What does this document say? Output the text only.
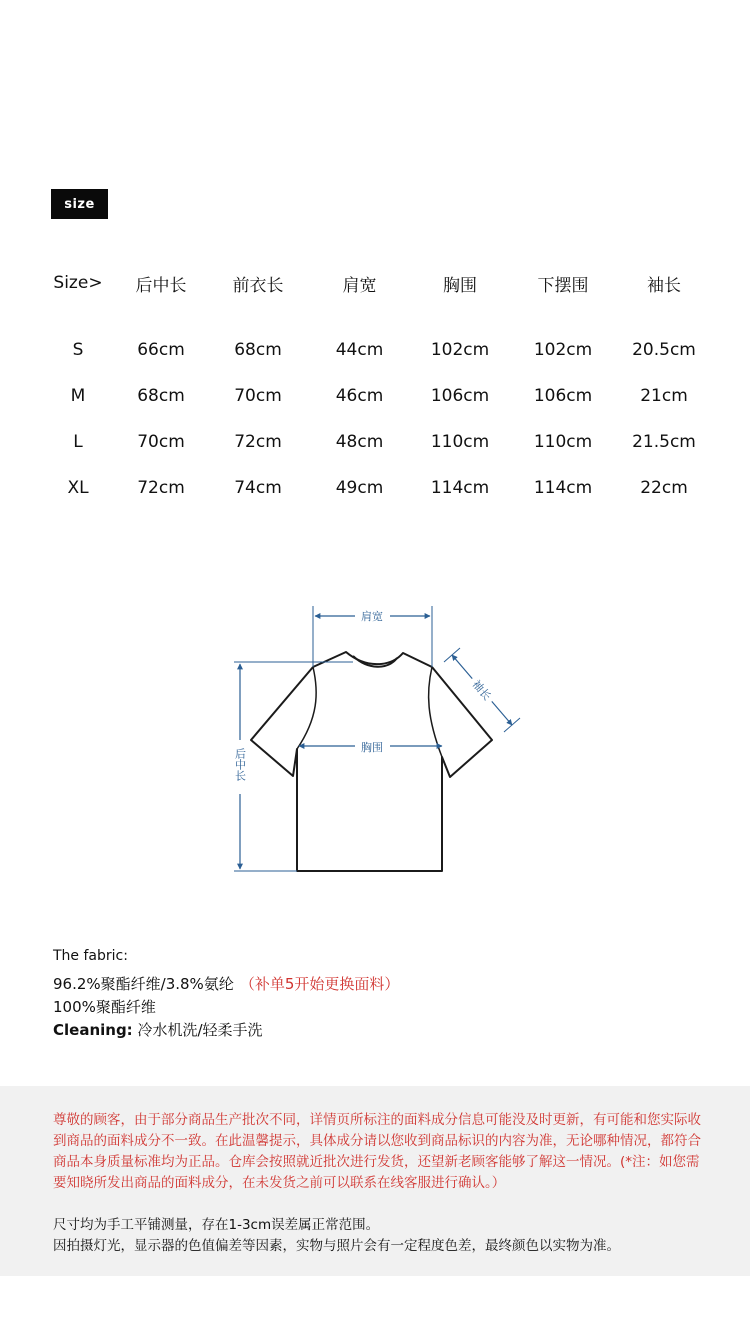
size
Size>	后中长	前衣长	肩宽	胸围	下摆围	袖长
S	66cm	68cm	44cm	102cm	102cm	20.5cm
M	68cm	70cm	46cm	106cm	106cm	21cm
L	70cm	72cm	48cm	110cm	110cm	21.5cm
XL	72cm	74cm	49cm	114cm	114cm	22cm
肩宽
胸围
后中长
袖长
The fabric:
96.2%聚酯纤维/3.8%氨纶 （补单5开始更换面料）
100%聚酯纤维
Cleaning: 冷水机洗/轻柔手洗
尊敬的顾客，由于部分商品生产批次不同，详情页所标注的面料成分信息可能没及时更新，有可能和您实际收到商品的面料成分不一致。在此温馨提示，具体成分请以您收到商品标识的内容为准，无论哪种情况，都符合商品本身质量标准均为正品。仓库会按照就近批次进行发货，还望新老顾客能够了解这一情况。(*注：如您需要知晓所发出商品的面料成分，在未发货之前可以联系在线客服进行确认。）
尺寸均为手工平铺测量，存在1-3cm误差属正常范围。
因拍摄灯光，显示器的色值偏差等因素，实物与照片会有一定程度色差，最终颜色以实物为准。
